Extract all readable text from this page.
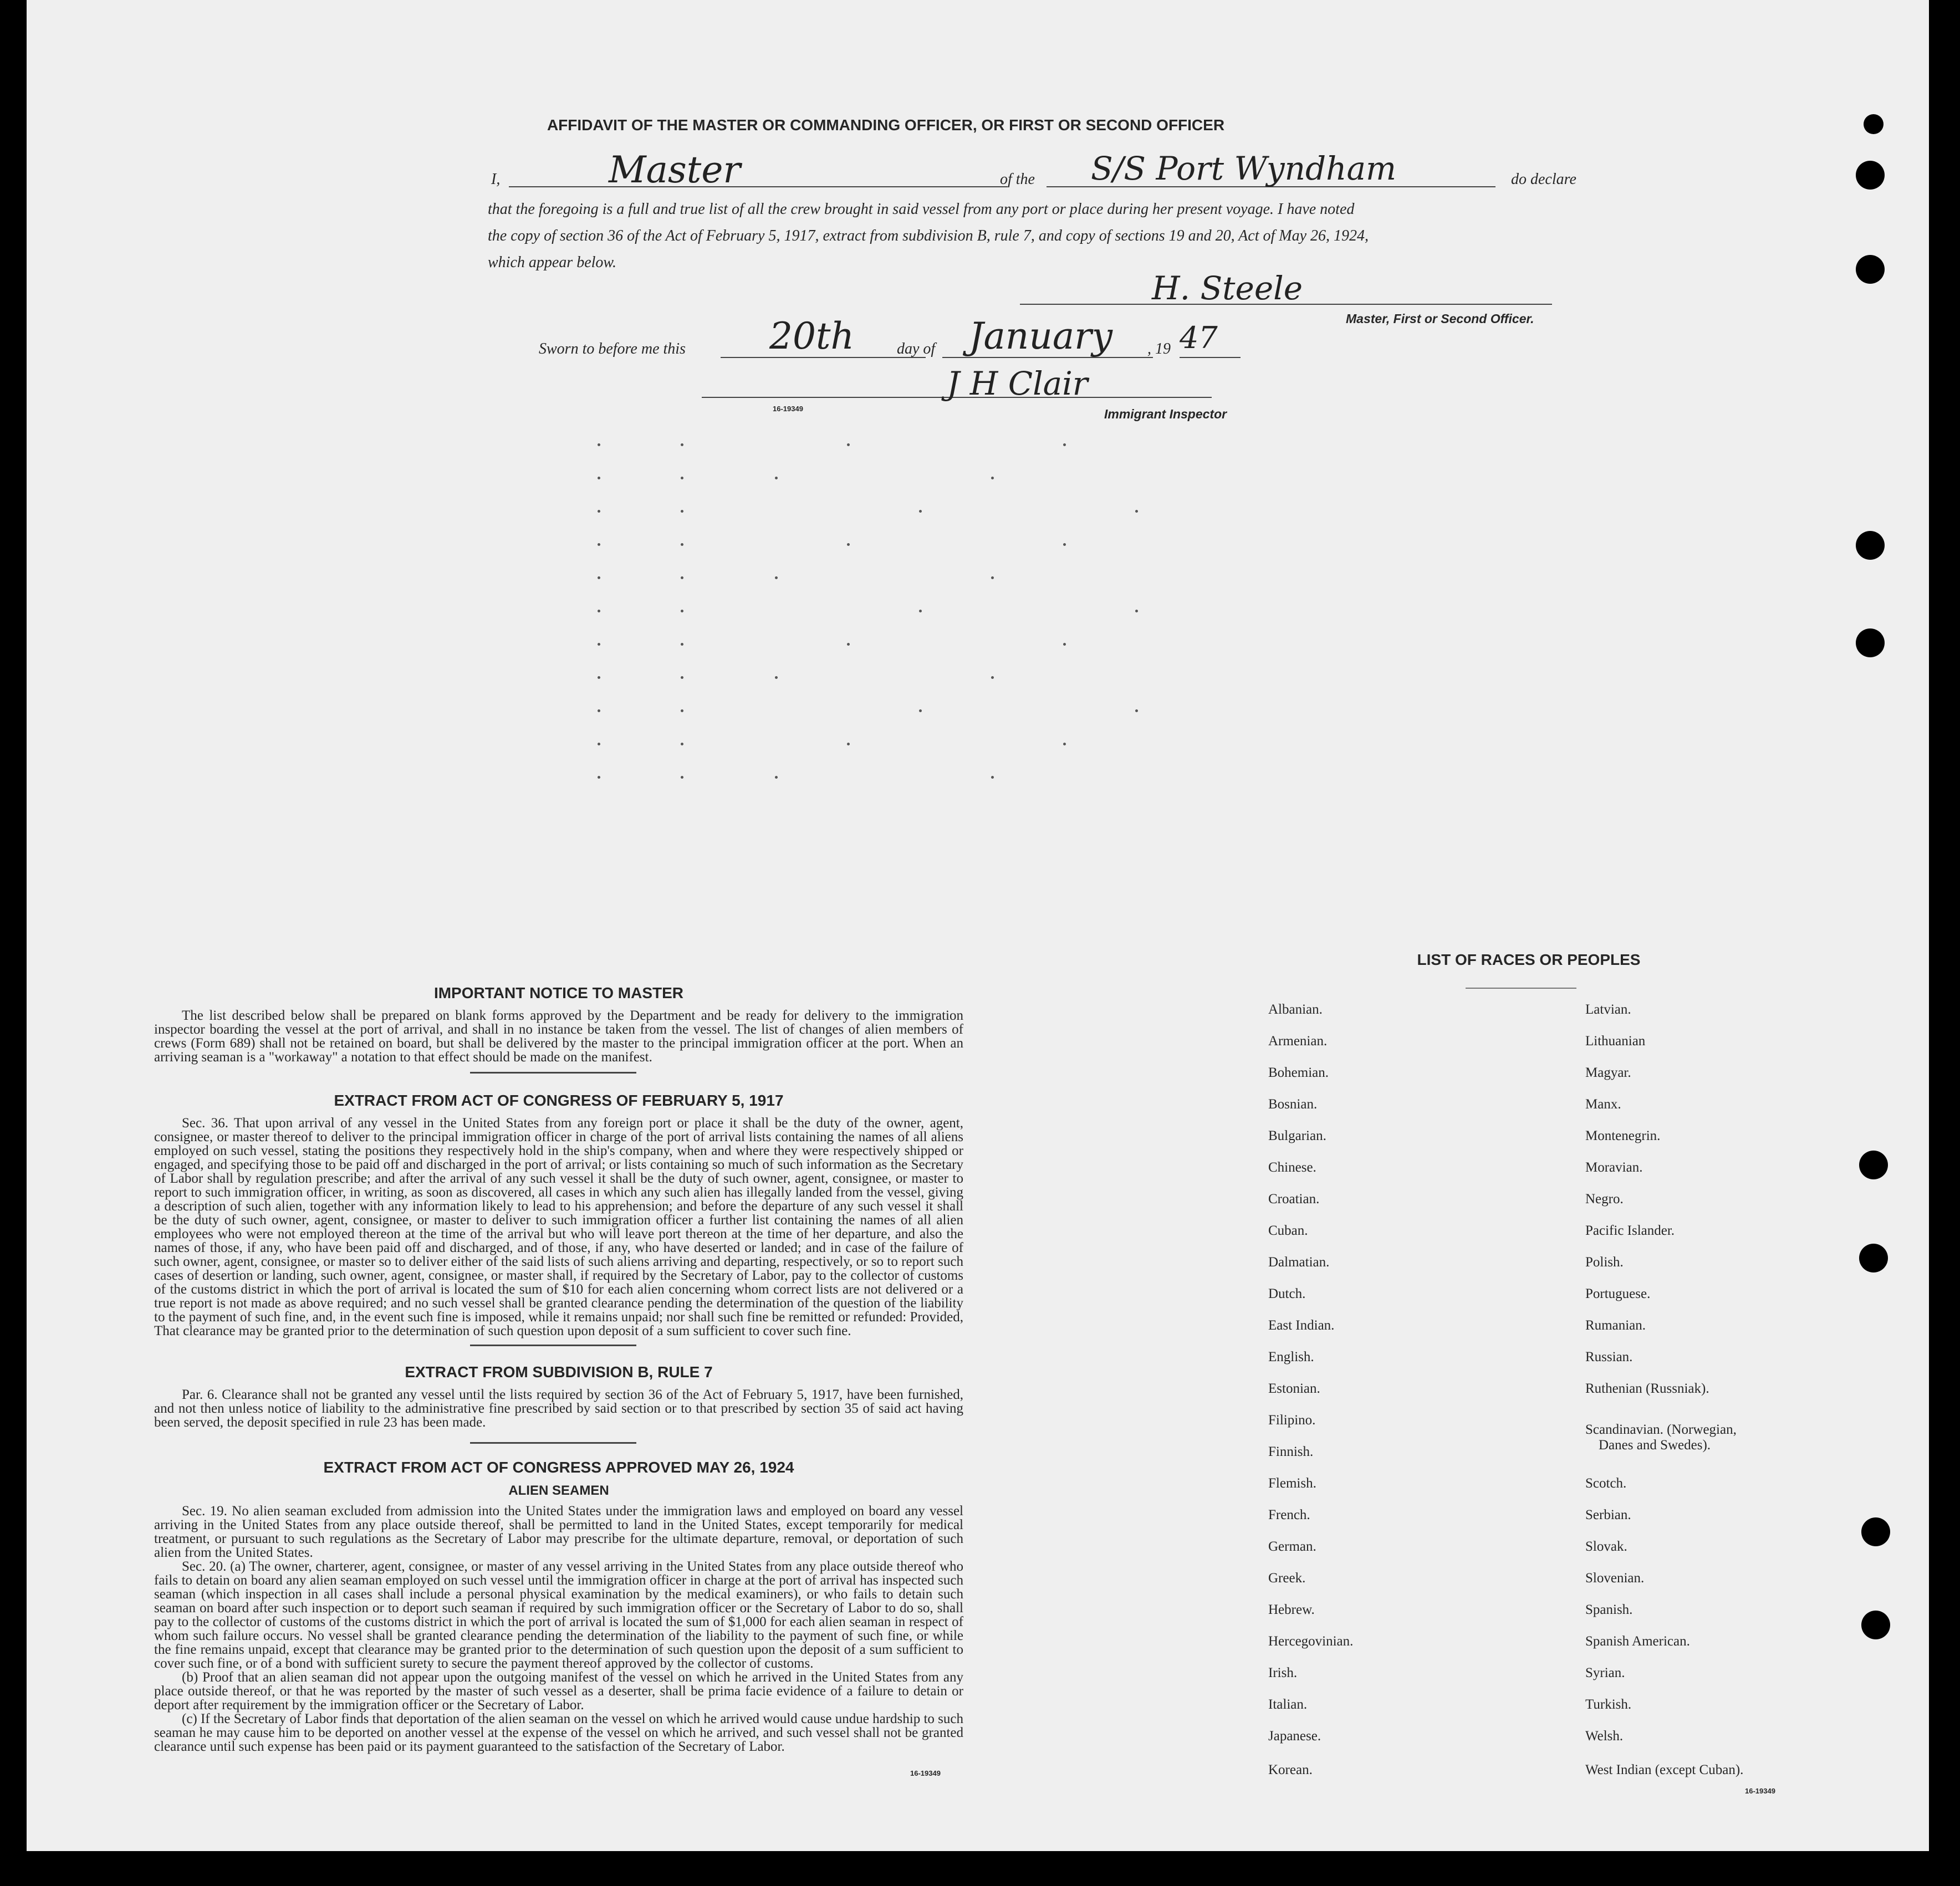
AFFIDAVIT OF THE MASTER OR COMMANDING OFFICER, OR FIRST OR SECOND OFFICER
I,	Master	of the S/S Port Wyndham	do declare
that the foregoing is a full and true list of all the crew brought in said vessel from any port or place during her present voyage. I have noted
the copy of section 36 of the Act of February 5, 1917, extract from subdivision B, rule 7, and copy of sections 19 and 20, Act of May 26, 1924,
which appear below.
H. Steele
Master, First or Second Officer.
Sworn to before me this 20th	day of January , 19 47
J H Clair
16-19349	Immigrant Inspector
IMPORTANT NOTICE TO MASTER

The list described below shall be prepared on blank forms approved by the Department and be ready for delivery to the immigration inspector boarding the vessel at the port of arrival, and shall in no instance be taken from the vessel. The list of changes of alien members of crews (Form 689) shall not be retained on board, but shall be delivered by the master to the principal immigration officer at the port. When an arriving seaman is a "workaway" a notation to that effect should be made on the manifest.

EXTRACT FROM ACT OF CONGRESS OF FEBRUARY 5, 1917

Sec. 36. That upon arrival of any vessel in the United States from any foreign port or place it shall be the duty of the owner, agent, consignee, or master thereof to deliver to the principal immigration officer in charge of the port of arrival lists containing the names of all aliens employed on such vessel, stating the positions they respectively hold in the ship's company, when and where they were respectively shipped or engaged, and specifying those to be paid off and discharged in the port of arrival; or lists containing so much of such information as the Secretary of Labor shall by regulation prescribe; and after the arrival of any such vessel it shall be the duty of such owner, agent, consignee, or master to report to such immigration officer, in writing, as soon as discovered, all cases in which any such alien has illegally landed from the vessel, giving a description of such alien, together with any information likely to lead to his apprehension; and before the departure of any such vessel it shall be the duty of such owner, agent, consignee, or master to deliver to such immigration officer a further list containing the names of all alien employees who were not employed thereon at the time of the arrival but who will leave port thereon at the time of her departure, and also the names of those, if any, who have been paid off and discharged, and of those, if any, who have deserted or landed; and in case of the failure of such owner, agent, consignee, or master so to deliver either of the said lists of such aliens arriving and departing, respectively, or so to report such cases of desertion or landing, such owner, agent, consignee, or master shall, if required by the Secretary of Labor, pay to the collector of customs of the customs district in which the port of arrival is located the sum of $10 for each alien concerning whom correct lists are not delivered or a true report is not made as above required; and no such vessel shall be granted clearance pending the determination of the question of the liability to the payment of such fine, and, in the event such fine is imposed, while it remains unpaid; nor shall such fine be remitted or refunded: Provided, That clearance may be granted prior to the determination of such question upon deposit of a sum sufficient to cover such fine.

EXTRACT FROM SUBDIVISION B, RULE 7

Par. 6. Clearance shall not be granted any vessel until the lists required by section 36 of the Act of February 5, 1917, have been furnished, and not then unless notice of liability to the administrative fine prescribed by said section or to that prescribed by section 35 of said act having been served, the deposit specified in rule 23 has been made.

EXTRACT FROM ACT OF CONGRESS APPROVED MAY 26, 1924
ALIEN SEAMEN

Sec. 19. No alien seaman excluded from admission into the United States under the immigration laws and employed on board any vessel arriving in the United States from any place outside thereof, shall be permitted to land in the United States, except temporarily for medical treatment, or pursuant to such regulations as the Secretary of Labor may prescribe for the ultimate departure, removal, or deportation of such alien from the United States.

Sec. 20. (a) The owner, charterer, agent, consignee, or master of any vessel arriving in the United States from any place outside thereof who fails to detain on board any alien seaman employed on such vessel until the immigration officer in charge at the port of arrival has inspected such seaman (which inspection in all cases shall include a personal physical examination by the medical examiners), or who fails to detain such seaman on board after such inspection or to deport such seaman if required by such immigration officer or the Secretary of Labor to do so, shall pay to the collector of customs of the customs district in which the port of arrival is located the sum of $1,000 for each alien seaman in respect of whom such failure occurs. No vessel shall be granted clearance pending the determination of the liability to the payment of such fine, or while the fine remains unpaid, except that clearance may be granted prior to the determination of such question upon the deposit of a sum sufficient to cover such fine, or of a bond with sufficient surety to secure the payment thereof approved by the collector of customs.

(b) Proof that an alien seaman did not appear upon the outgoing manifest of the vessel on which he arrived in the United States from any place outside thereof, or that he was reported by the master of such vessel as a deserter, shall be prima facie evidence of a failure to detain or deport after requirement by the immigration officer or the Secretary of Labor.

(c) If the Secretary of Labor finds that deportation of the alien seaman on the vessel on which he arrived would cause undue hardship to such seaman he may cause him to be deported on another vessel at the expense of the vessel on which he arrived, and such vessel shall not be granted clearance until such expense has been paid or its payment guaranteed to the satisfaction of the Secretary of Labor.

16-19349
LIST OF RACES OR PEOPLES
Albanian.
Armenian.
Bohemian.
Bosnian.
Bulgarian.
Chinese.
Croatian.
Cuban.
Dalmatian.
Dutch.
East Indian.
English.
Estonian.
Filipino.
Finnish.
Flemish.
French.
German.
Greek.
Hebrew.
Hercegovinian.
Irish.
Italian.
Japanese.
Korean.
Latvian.
Lithuanian
Magyar.
Manx.
Montenegrin.
Moravian.
Negro.
Pacific Islander.
Polish.
Portuguese.
Rumanian.
Russian.
Ruthenian (Russniak).
Scandinavian. (Norwegian,
Danes and Swedes).
Scotch.
Serbian.
Slovak.
Slovenian.
Spanish.
Spanish American.
Syrian.
Turkish.
Welsh.
West Indian (except Cuban).
16-19349
